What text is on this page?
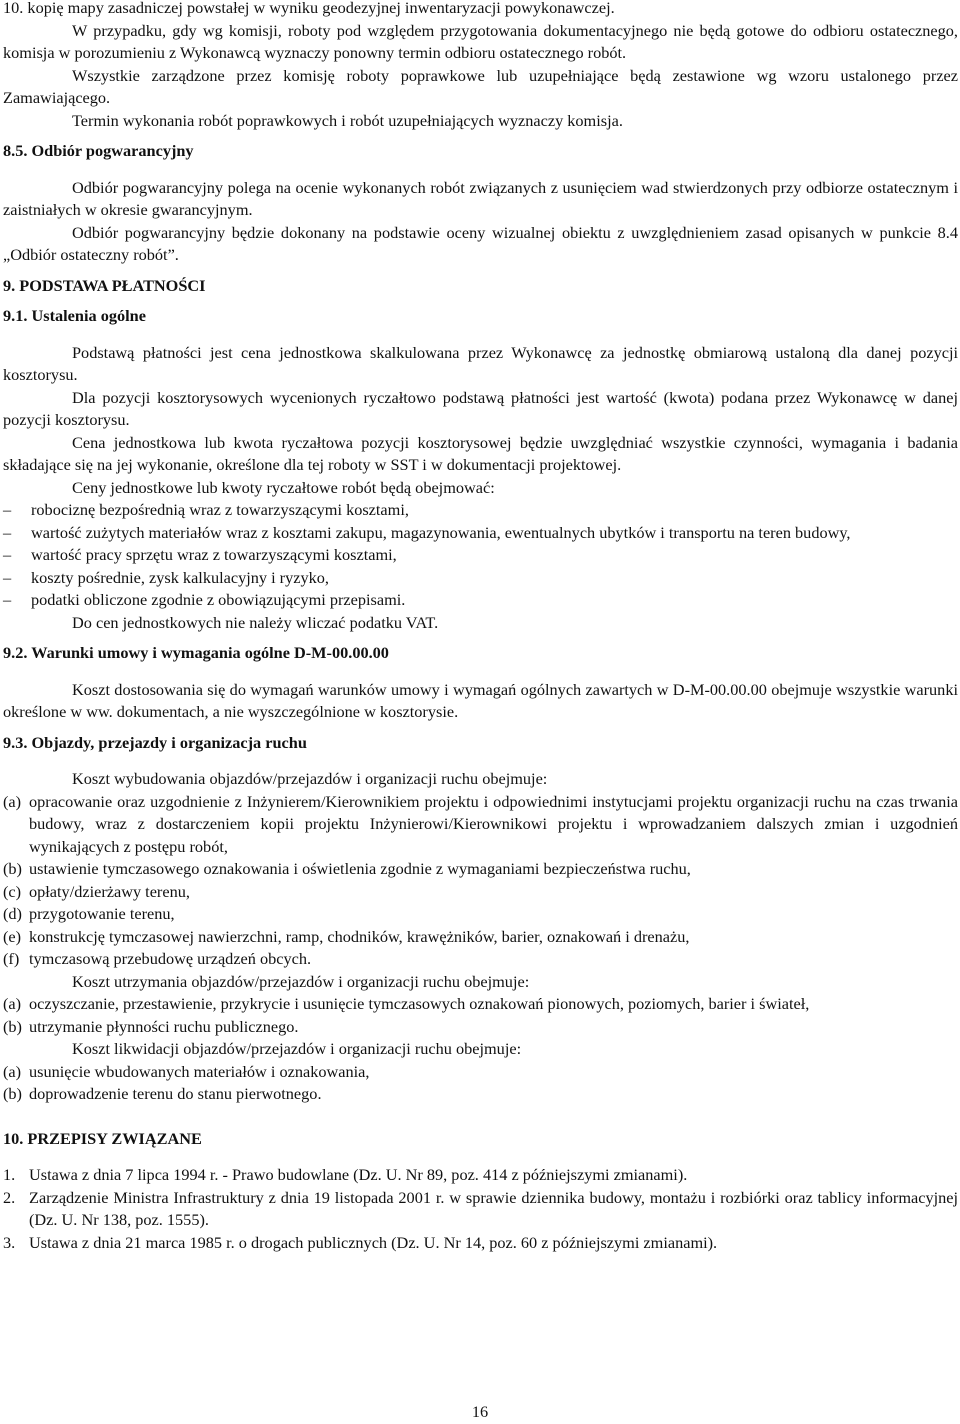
10. kopię mapy zasadniczej powstałej w wyniku geodezyjnej inwentaryzacji powykonawczej.

W przypadku, gdy wg komisji, roboty pod względem przygotowania dokumentacyjnego nie będą gotowe do odbioru ostatecznego, komisja w porozumieniu z Wykonawcą wyznaczy ponowny termin odbioru ostatecznego robót.

Wszystkie zarządzone przez komisję roboty poprawkowe lub uzupełniające będą zestawione wg wzoru ustalonego przez Zamawiającego.

Termin wykonania robót poprawkowych i robót uzupełniających wyznaczy komisja.

8.5. Odbiór pogwarancyjny

Odbiór pogwarancyjny polega na ocenie wykonanych robót związanych z usunięciem wad stwierdzonych przy odbiorze ostatecznym i zaistniałych w okresie gwarancyjnym.

Odbiór pogwarancyjny będzie dokonany na podstawie oceny wizualnej obiektu z uwzględnieniem zasad opisanych w punkcie 8.4 „Odbiór ostateczny robót”.

9. PODSTAWA PŁATNOŚCI

9.1. Ustalenia ogólne

Podstawą płatności jest cena jednostkowa skalkulowana przez Wykonawcę za jednostkę obmiarową ustaloną dla danej pozycji kosztorysu.

Dla pozycji kosztorysowych wycenionych ryczałtowo podstawą płatności jest wartość (kwota) podana przez Wykonawcę w danej pozycji kosztorysu.

Cena jednostkowa lub kwota ryczałtowa pozycji kosztorysowej będzie uwzględniać wszystkie czynności, wymagania i badania składające się na jej wykonanie, określone dla tej roboty w SST i w dokumentacji projektowej.

Ceny jednostkowe lub kwoty ryczałtowe robót będą obejmować:

– robociznę bezpośrednią wraz z towarzyszącymi kosztami,
– wartość zużytych materiałów wraz z kosztami zakupu, magazynowania, ewentualnych ubytków i transportu na teren budowy,
– wartość pracy sprzętu wraz z towarzyszącymi kosztami,
– koszty pośrednie, zysk kalkulacyjny i ryzyko,
– podatki obliczone zgodnie z obowiązującymi przepisami.

Do cen jednostkowych nie należy wliczać podatku VAT.

9.2. Warunki umowy i wymagania ogólne D-M-00.00.00

Koszt dostosowania się do wymagań warunków umowy i wymagań ogólnych zawartych w D-M-00.00.00 obejmuje wszystkie warunki określone w ww. dokumentach, a nie wyszczególnione w kosztorysie.

9.3. Objazdy, przejazdy i organizacja ruchu

Koszt wybudowania objazdów/przejazdów i organizacji ruchu obejmuje:

(a) opracowanie oraz uzgodnienie z Inżynierem/Kierownikiem projektu i odpowiednimi instytucjami projektu organizacji ruchu na czas trwania budowy, wraz z dostarczeniem kopii projektu Inżynierowi/Kierownikowi projektu i wprowadzaniem dalszych zmian i uzgodnień wynikających z postępu robót,
(b) ustawienie tymczasowego oznakowania i oświetlenia zgodnie z wymaganiami bezpieczeństwa ruchu,
(c) opłaty/dzierżawy terenu,
(d) przygotowanie terenu,
(e) konstrukcję tymczasowej nawierzchni, ramp, chodników, krawężników, barier, oznakowań i drenażu,
(f) tymczasową przebudowę urządzeń obcych.

Koszt utrzymania objazdów/przejazdów i organizacji ruchu obejmuje:

(a) oczyszczanie, przestawienie, przykrycie i usunięcie tymczasowych oznakowań pionowych, poziomych, barier i świateł,
(b) utrzymanie płynności ruchu publicznego.

Koszt likwidacji objazdów/przejazdów i organizacji ruchu obejmuje:

(a) usunięcie wbudowanych materiałów i oznakowania,
(b) doprowadzenie terenu do stanu pierwotnego.

10. PRZEPISY ZWIĄZANE

1. Ustawa z dnia 7 lipca 1994 r. - Prawo budowlane (Dz. U. Nr 89, poz. 414 z późniejszymi zmianami).
2. Zarządzenie Ministra Infrastruktury z dnia 19 listopada 2001 r. w sprawie dziennika budowy, montażu i rozbiórki oraz tablicy informacyjnej (Dz. U. Nr 138, poz. 1555).
3. Ustawa z dnia 21 marca 1985 r. o drogach publicznych (Dz. U. Nr 14, poz. 60 z późniejszymi zmianami).
16
